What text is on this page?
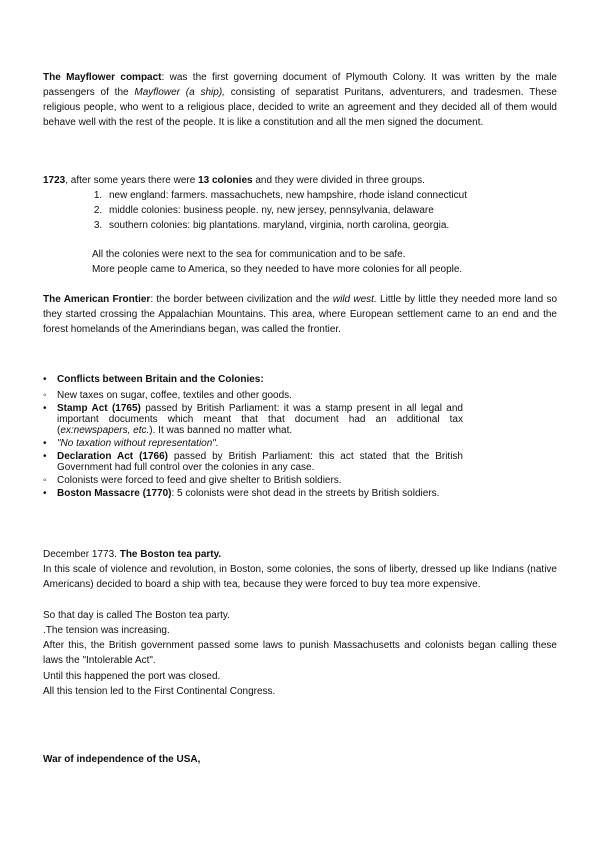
The Mayflower compact: was the first governing document of Plymouth Colony. It was written by the male passengers of the Mayflower (a ship), consisting of separatist Puritans, adventurers, and tradesmen. These religious people, who went to a religious place, decided to write an agreement and they decided all of them would behave well with the rest of the people. It is like a constitution and all the men signed the document.

1723, after some years there were 13 colonies and they were divided in three groups.

1. new england: farmers. massachuchets, new hampshire, rhode island connecticut
2. middle colonies: business people. ny, new jersey, pennsylvania, delaware
3. southern colonies: big plantations. maryland, virginia, north carolina, georgia.
All the colonies were next to the sea for communication and to be safe.
More people came to America, so they needed to have more colonies for all people.

The American Frontier: the border between civilization and the wild west. Little by little they needed more land so they started crossing the Appalachian Mountains. This area, where European settlement came to an end and the forest homelands of the Amerindians began, was called the frontier.

•	Conflicts between Britain and the Colonies:
◦	New taxes on sugar, coffee, textiles and other goods.
•	Stamp Act (1765) passed by British Parliament: it was a stamp present in all legal and important documents which meant that that document had an additional tax (ex:newspapers, etc.). It was banned no matter what.
•	"No taxation without representation".
•	Declaration Act (1766) passed by British Parliament: this act stated that the British Government had full control over the colonies in any case.
◦	Colonists were forced to feed and give shelter to British soldiers.
•	Boston Massacre (1770): 5 colonists were shot dead in the streets by British soldiers.
December 1773. The Boston tea party.
In this scale of violence and revolution, in Boston, some colonies, the sons of liberty, dressed up like Indians (native Americans) decided to board a ship with tea, because they were forced to buy tea more expensive.
So that day is called The Boston tea party.
.The tension was increasing.
After this, the British government passed some laws to punish Massachusetts and colonists began calling these laws the "Intolerable Act".
Until this happened the port was closed.
All this tension led to the First Continental Congress.
War of independence of the USA,
